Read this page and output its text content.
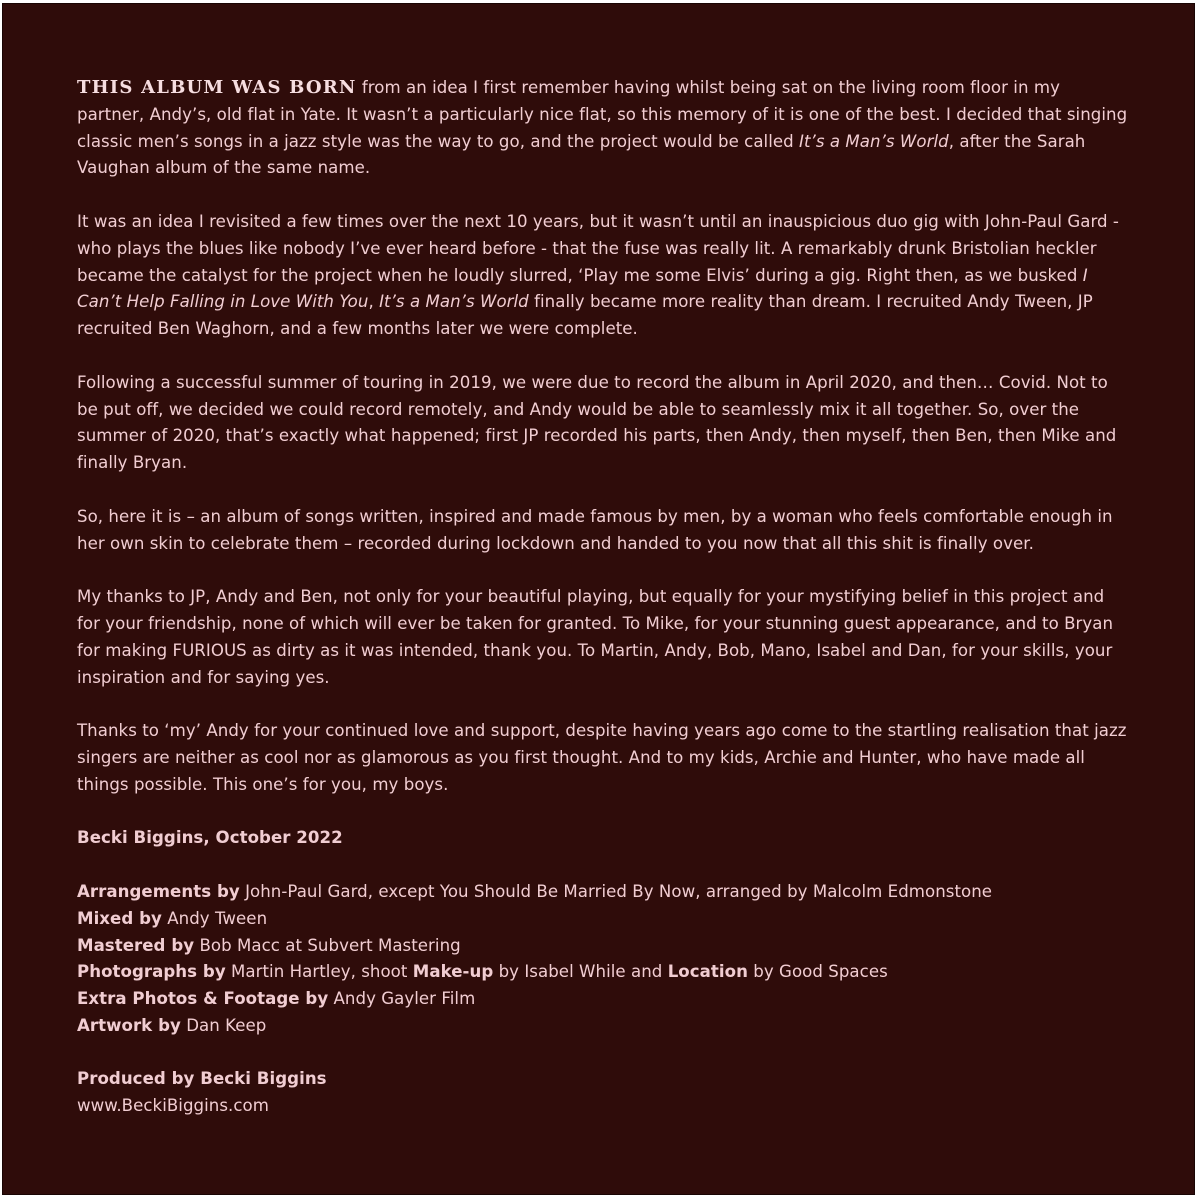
THIS ALBUM WAS BORN from an idea I first remember having whilst being sat on the living room floor in my partner, Andy’s, old flat in Yate. It wasn’t a particularly nice flat, so this memory of it is one of the best. I decided that singing classic men’s songs in a jazz style was the way to go, and the project would be called It’s a Man’s World, after the Sarah Vaughan album of the same name.

It was an idea I revisited a few times over the next 10 years, but it wasn’t until an inauspicious duo gig with John-Paul Gard - who plays the blues like nobody I’ve ever heard before - that the fuse was really lit. A remarkably drunk Bristolian heckler became the catalyst for the project when he loudly slurred, ‘Play me some Elvis’ during a gig. Right then, as we busked I Can’t Help Falling in Love With You, It’s a Man’s World finally became more reality than dream. I recruited Andy Tween, JP recruited Ben Waghorn, and a few months later we were complete.

Following a successful summer of touring in 2019, we were due to record the album in April 2020, and then… Covid. Not to be put off, we decided we could record remotely, and Andy would be able to seamlessly mix it all together. So, over the summer of 2020, that’s exactly what happened; first JP recorded his parts, then Andy, then myself, then Ben, then Mike and finally Bryan.

So, here it is – an album of songs written, inspired and made famous by men, by a woman who feels comfortable enough in her own skin to celebrate them – recorded during lockdown and handed to you now that all this shit is finally over.

My thanks to JP, Andy and Ben, not only for your beautiful playing, but equally for your mystifying belief in this project and for your friendship, none of which will ever be taken for granted. To Mike, for your stunning guest appearance, and to Bryan for making FURIOUS as dirty as it was intended, thank you. To Martin, Andy, Bob, Mano, Isabel and Dan, for your skills, your inspiration and for saying yes.

Thanks to ‘my’ Andy for your continued love and support, despite having years ago come to the startling realisation that jazz singers are neither as cool nor as glamorous as you first thought. And to my kids, Archie and Hunter, who have made all things possible. This one’s for you, my boys.

Becki Biggins, October 2022

Arrangements by John-Paul Gard, except You Should Be Married By Now, arranged by Malcolm Edmonstone
Mixed by Andy Tween
Mastered by Bob Macc at Subvert Mastering
Photographs by Martin Hartley, shoot Make-up by Isabel While and Location by Good Spaces
Extra Photos & Footage by Andy Gayler Film
Artwork by Dan Keep
Produced by Becki Biggins
www.BeckiBiggins.com
